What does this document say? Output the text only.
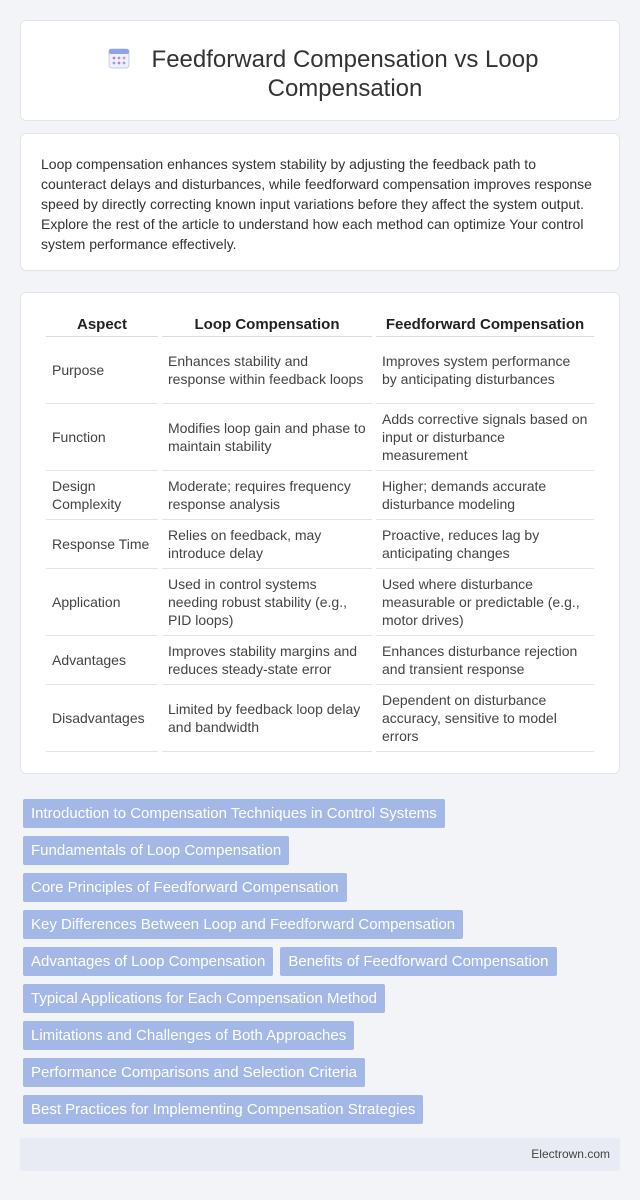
Feedforward Compensation vs Loop Compensation

Loop compensation enhances system stability by adjusting the feedback path to counteract delays and disturbances, while feedforward compensation improves response speed by directly correcting known input variations before they affect the system output. Explore the rest of the article to understand how each method can optimize Your control system performance effectively.

Aspect	Loop Compensation	Feedforward Compensation
Purpose	Enhances stability and response within feedback loops	Improves system performance by anticipating disturbances
Function	Modifies loop gain and phase to maintain stability	Adds corrective signals based on input or disturbance measurement
Design Complexity	Moderate; requires frequency response analysis	Higher; demands accurate disturbance modeling
Response Time	Relies on feedback, may introduce delay	Proactive, reduces lag by anticipating changes
Application	Used in control systems needing robust stability (e.g., PID loops)	Used where disturbance measurable or predictable (e.g., motor drives)
Advantages	Improves stability margins and reduces steady-state error	Enhances disturbance rejection and transient response
Disadvantages	Limited by feedback loop delay and bandwidth	Dependent on disturbance accuracy, sensitive to model errors
Introduction to Compensation Techniques in Control Systems
Fundamentals of Loop Compensation
Core Principles of Feedforward Compensation
Key Differences Between Loop and Feedforward Compensation
Advantages of Loop Compensation	Benefits of Feedforward Compensation
Typical Applications for Each Compensation Method
Limitations and Challenges of Both Approaches
Performance Comparisons and Selection Criteria
Best Practices for Implementing Compensation Strategies
Electrown.com
